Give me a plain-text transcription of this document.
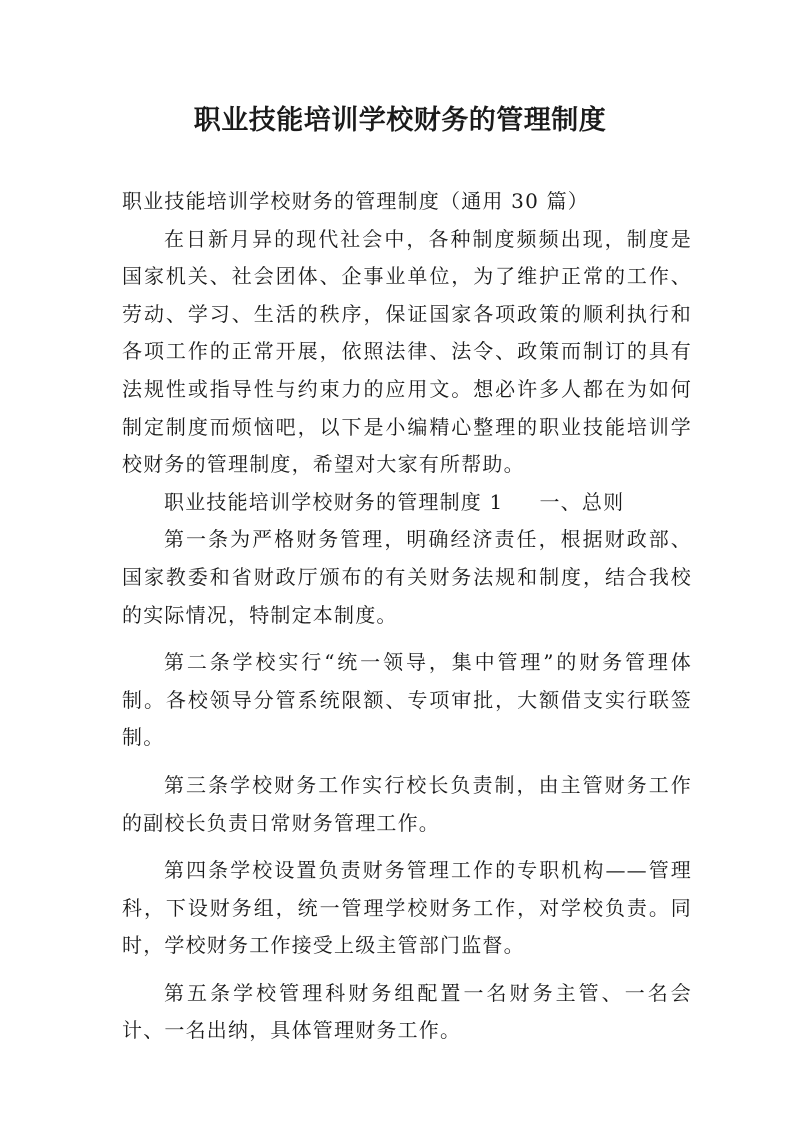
职业技能培训学校财务的管理制度

职业技能培训学校财务的管理制度（通用 30 篇）

在日新月异的现代社会中，各种制度频频出现，制度是国家机关、社会团体、企事业单位，为了维护正常的工作、劳动、学习、生活的秩序，保证国家各项政策的顺利执行和各项工作的正常开展，依照法律、法令、政策而制订的具有法规性或指导性与约束力的应用文。想必许多人都在为如何制定制度而烦恼吧，以下是小编精心整理的职业技能培训学校财务的管理制度，希望对大家有所帮助。

职业技能培训学校财务的管理制度 1 一、总则

第一条为严格财务管理，明确经济责任，根据财政部、国家教委和省财政厅颁布的有关财务法规和制度，结合我校的实际情况，特制定本制度。

第二条学校实行“统一领导，集中管理”的财务管理体制。各校领导分管系统限额、专项审批，大额借支实行联签制。

第三条学校财务工作实行校长负责制，由主管财务工作的副校长负责日常财务管理工作。

第四条学校设置负责财务管理工作的专职机构——管理科，下设财务组，统一管理学校财务工作，对学校负责。同时，学校财务工作接受上级主管部门监督。

第五条学校管理科财务组配置一名财务主管、一名会计、一名出纳，具体管理财务工作。
